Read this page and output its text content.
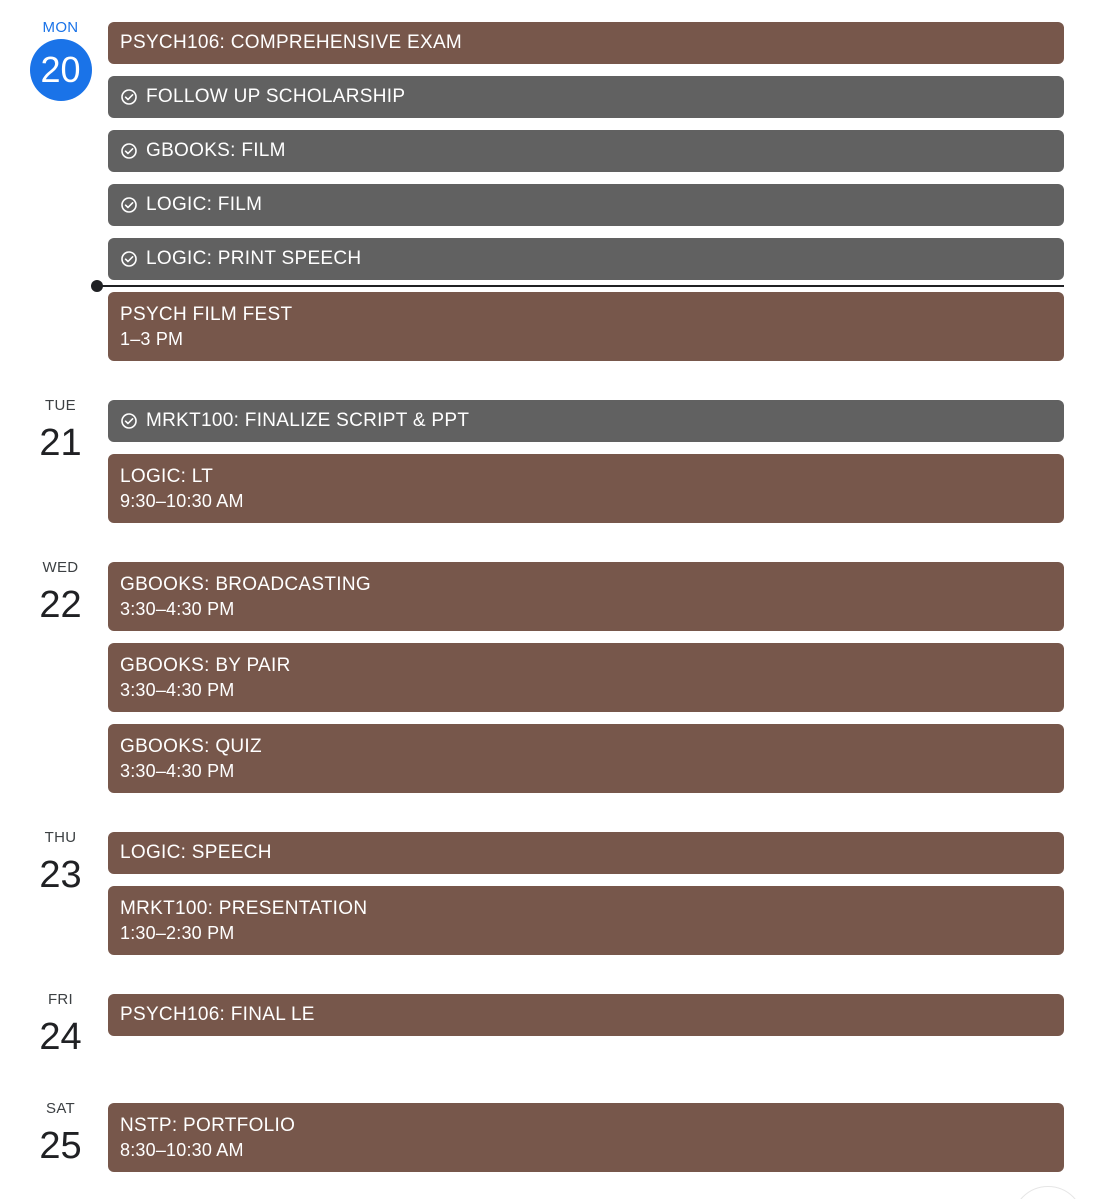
MON
20
TUE
21
WED
22
THU
23
FRI
24
SAT
25
PSYCH106: COMPREHENSIVE EXAM
FOLLOW UP SCHOLARSHIP
GBOOKS: FILM
LOGIC: FILM
LOGIC: PRINT SPEECH
PSYCH FILM FEST
1–3 PM
MRKT100: FINALIZE SCRIPT & PPT
LOGIC: LT
9:30–10:30 AM
GBOOKS: BROADCASTING
3:30–4:30 PM
GBOOKS: BY PAIR
3:30–4:30 PM
GBOOKS: QUIZ
3:30–4:30 PM
LOGIC: SPEECH
MRKT100: PRESENTATION
1:30–2:30 PM
PSYCH106: FINAL LE
NSTP: PORTFOLIO
8:30–10:30 AM
